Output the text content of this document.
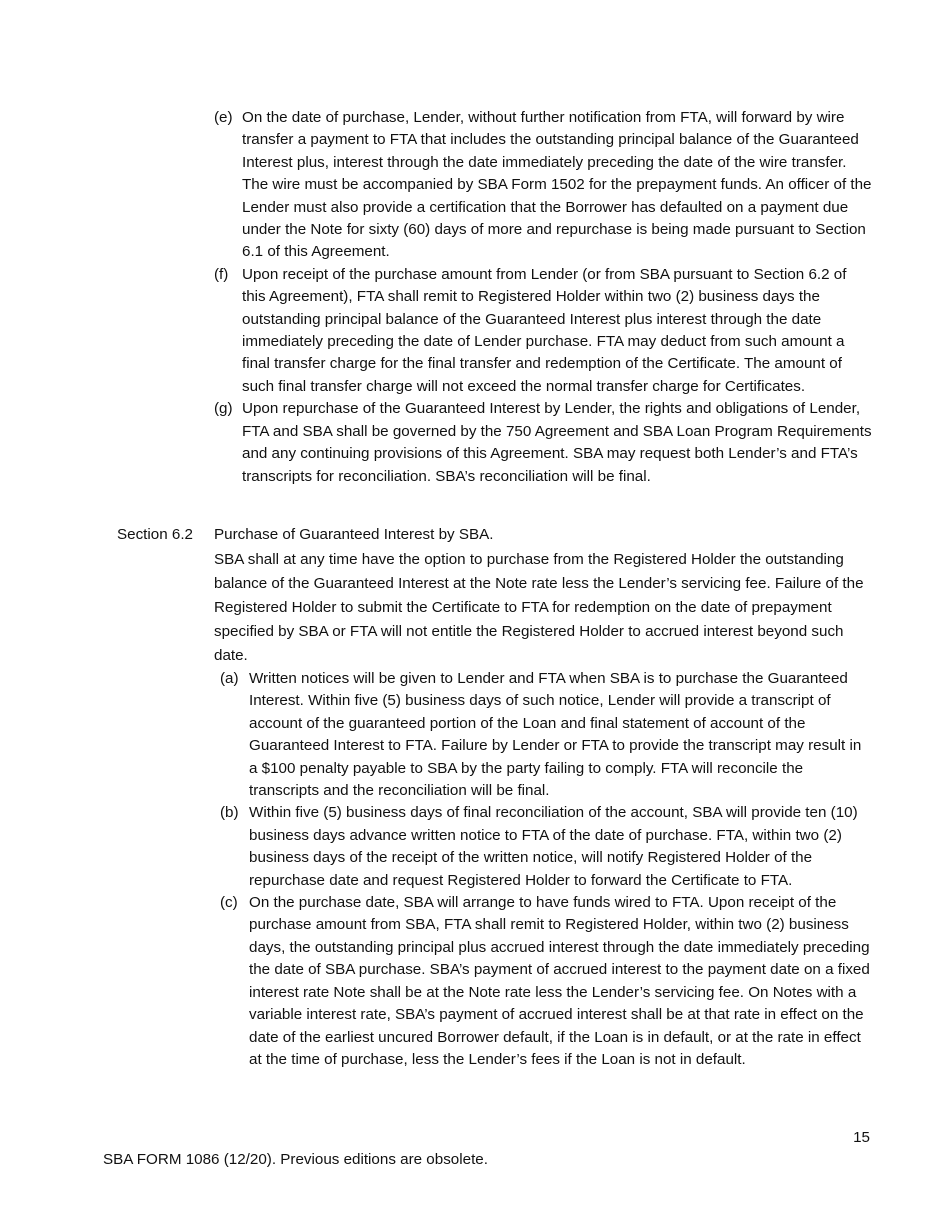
(e) On the date of purchase, Lender, without further notification from FTA, will forward by wire transfer a payment to FTA that includes the outstanding principal balance of the Guaranteed Interest plus, interest through the date immediately preceding the date of the wire transfer. The wire must be accompanied by SBA Form 1502 for the prepayment funds. An officer of the Lender must also provide a certification that the Borrower has defaulted on a payment due under the Note for sixty (60) days of more and repurchase is being made pursuant to Section 6.1 of this Agreement.
(f) Upon receipt of the purchase amount from Lender (or from SBA pursuant to Section 6.2 of this Agreement), FTA shall remit to Registered Holder within two (2) business days the outstanding principal balance of the Guaranteed Interest plus interest through the date immediately preceding the date of Lender purchase. FTA may deduct from such amount a final transfer charge for the final transfer and redemption of the Certificate. The amount of such final transfer charge will not exceed the normal transfer charge for Certificates.
(g) Upon repurchase of the Guaranteed Interest by Lender, the rights and obligations of Lender, FTA and SBA shall be governed by the 750 Agreement and SBA Loan Program Requirements and any continuing provisions of this Agreement. SBA may request both Lender’s and FTA’s transcripts for reconciliation. SBA’s reconciliation will be final.
Section 6.2 Purchase of Guaranteed Interest by SBA.
SBA shall at any time have the option to purchase from the Registered Holder the outstanding balance of the Guaranteed Interest at the Note rate less the Lender’s servicing fee. Failure of the Registered Holder to submit the Certificate to FTA for redemption on the date of prepayment specified by SBA or FTA will not entitle the Registered Holder to accrued interest beyond such date.
(a) Written notices will be given to Lender and FTA when SBA is to purchase the Guaranteed Interest. Within five (5) business days of such notice, Lender will provide a transcript of account of the guaranteed portion of the Loan and final statement of account of the Guaranteed Interest to FTA. Failure by Lender or FTA to provide the transcript may result in a $100 penalty payable to SBA by the party failing to comply. FTA will reconcile the transcripts and the reconciliation will be final.
(b) Within five (5) business days of final reconciliation of the account, SBA will provide ten (10) business days advance written notice to FTA of the date of purchase. FTA, within two (2) business days of the receipt of the written notice, will notify Registered Holder of the repurchase date and request Registered Holder to forward the Certificate to FTA.
(c) On the purchase date, SBA will arrange to have funds wired to FTA. Upon receipt of the purchase amount from SBA, FTA shall remit to Registered Holder, within two (2) business days, the outstanding principal plus accrued interest through the date immediately preceding the date of SBA purchase. SBA’s payment of accrued interest to the payment date on a fixed interest rate Note shall be at the Note rate less the Lender’s servicing fee. On Notes with a variable interest rate, SBA’s payment of accrued interest shall be at that rate in effect on the date of the earliest uncured Borrower default, if the Loan is in default, or at the rate in effect at the time of purchase, less the Lender’s fees if the Loan is not in default.
15
SBA FORM 1086 (12/20). Previous editions are obsolete.
